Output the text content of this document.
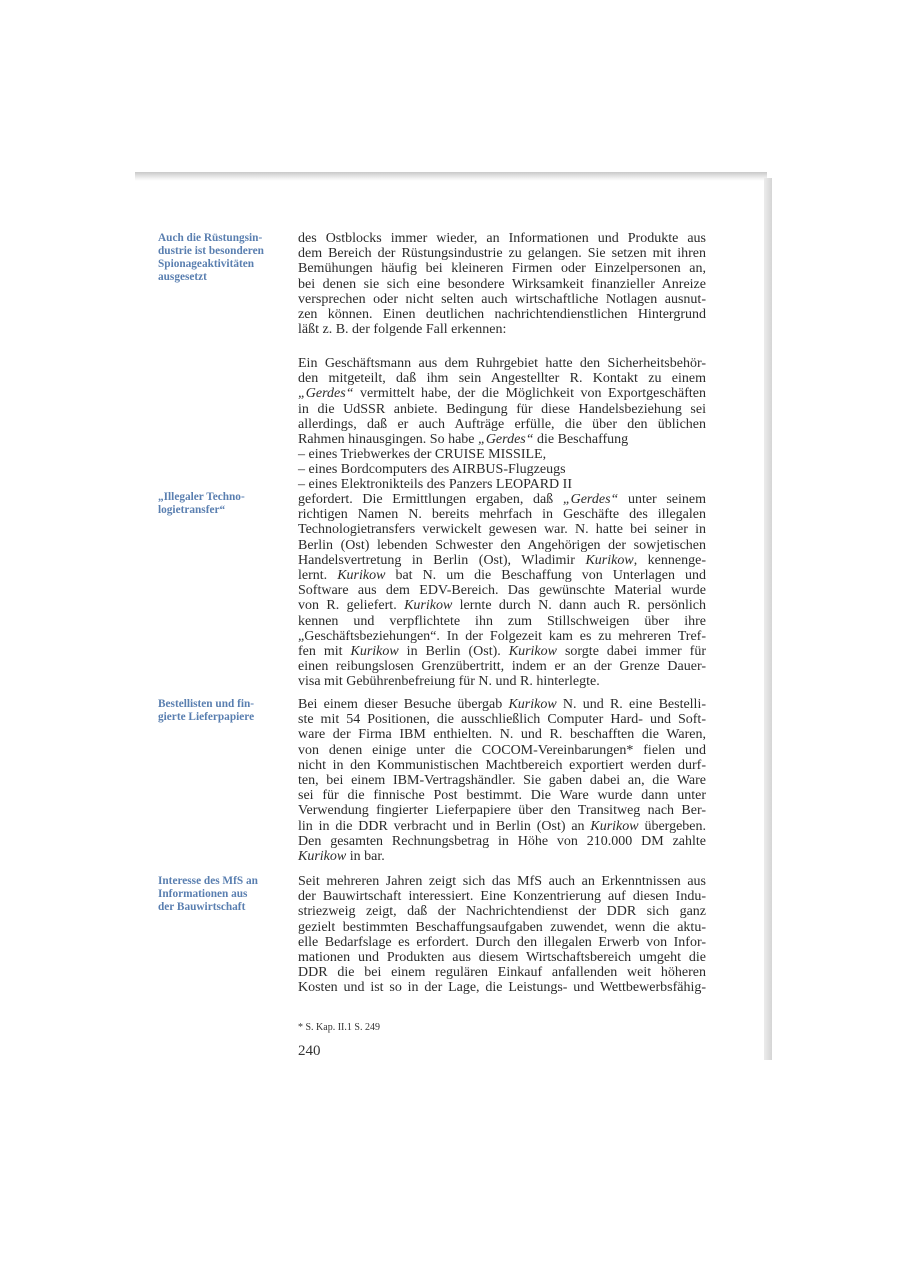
Auch die Rüstungsin-
dustrie ist besonderen
Spionageaktivitäten
ausgesetzt
„Illegaler Techno-
logietransfer“
Bestellisten und fin-
gierte Lieferpapiere
Interesse des MfS an
Informationen aus
der Bauwirtschaft
des Ostblocks immer wieder, an Informationen und Produkte aus
dem Bereich der Rüstungsindustrie zu gelangen. Sie setzen mit ihren
Bemühungen häufig bei kleineren Firmen oder Einzelpersonen an,
bei denen sie sich eine besondere Wirksamkeit finanzieller Anreize
versprechen oder nicht selten auch wirtschaftliche Notlagen ausnut-
zen können. Einen deutlichen nachrichtendienstlichen Hintergrund
läßt z. B. der folgende Fall erkennen:
Ein Geschäftsmann aus dem Ruhrgebiet hatte den Sicherheitsbehör-
den mitgeteilt, daß ihm sein Angestellter R. Kontakt zu einem
„Gerdes“ vermittelt habe, der die Möglichkeit von Exportgeschäften
in die UdSSR anbiete. Bedingung für diese Handelsbeziehung sei
allerdings, daß er auch Aufträge erfülle, die über den üblichen
Rahmen hinausgingen. So habe „Gerdes“ die Beschaffung
– eines Triebwerkes der CRUISE MISSILE,
– eines Bordcomputers des AIRBUS-Flugzeugs
– eines Elektronikteils des Panzers LEOPARD II
gefordert. Die Ermittlungen ergaben, daß „Gerdes“ unter seinem
richtigen Namen N. bereits mehrfach in Geschäfte des illegalen
Technologietransfers verwickelt gewesen war. N. hatte bei seiner in
Berlin (Ost) lebenden Schwester den Angehörigen der sowjetischen
Handelsvertretung in Berlin (Ost), Wladimir Kurikow, kennenge-
lernt. Kurikow bat N. um die Beschaffung von Unterlagen und
Software aus dem EDV-Bereich. Das gewünschte Material wurde
von R. geliefert. Kurikow lernte durch N. dann auch R. persönlich
kennen und verpflichtete ihn zum Stillschweigen über ihre
„Geschäftsbeziehungen“. In der Folgezeit kam es zu mehreren Tref-
fen mit Kurikow in Berlin (Ost). Kurikow sorgte dabei immer für
einen reibungslosen Grenzübertritt, indem er an der Grenze Dauer-
visa mit Gebührenbefreiung für N. und R. hinterlegte.
Bei einem dieser Besuche übergab Kurikow N. und R. eine Bestelli-
ste mit 54 Positionen, die ausschließlich Computer Hard- und Soft-
ware der Firma IBM enthielten. N. und R. beschafften die Waren,
von denen einige unter die COCOM-Vereinbarungen* fielen und
nicht in den Kommunistischen Machtbereich exportiert werden durf-
ten, bei einem IBM-Vertragshändler. Sie gaben dabei an, die Ware
sei für die finnische Post bestimmt. Die Ware wurde dann unter
Verwendung fingierter Lieferpapiere über den Transitweg nach Ber-
lin in die DDR verbracht und in Berlin (Ost) an Kurikow übergeben.
Den gesamten Rechnungsbetrag in Höhe von 210.000 DM zahlte
Kurikow in bar.
Seit mehreren Jahren zeigt sich das MfS auch an Erkenntnissen aus
der Bauwirtschaft interessiert. Eine Konzentrierung auf diesen Indu-
striezweig zeigt, daß der Nachrichtendienst der DDR sich ganz
gezielt bestimmten Beschaffungsaufgaben zuwendet, wenn die aktu-
elle Bedarfslage es erfordert. Durch den illegalen Erwerb von Infor-
mationen und Produkten aus diesem Wirtschaftsbereich umgeht die
DDR die bei einem regulären Einkauf anfallenden weit höheren
Kosten und ist so in der Lage, die Leistungs- und Wettbewerbsfähig-
* S. Kap. II.1 S. 249
240
